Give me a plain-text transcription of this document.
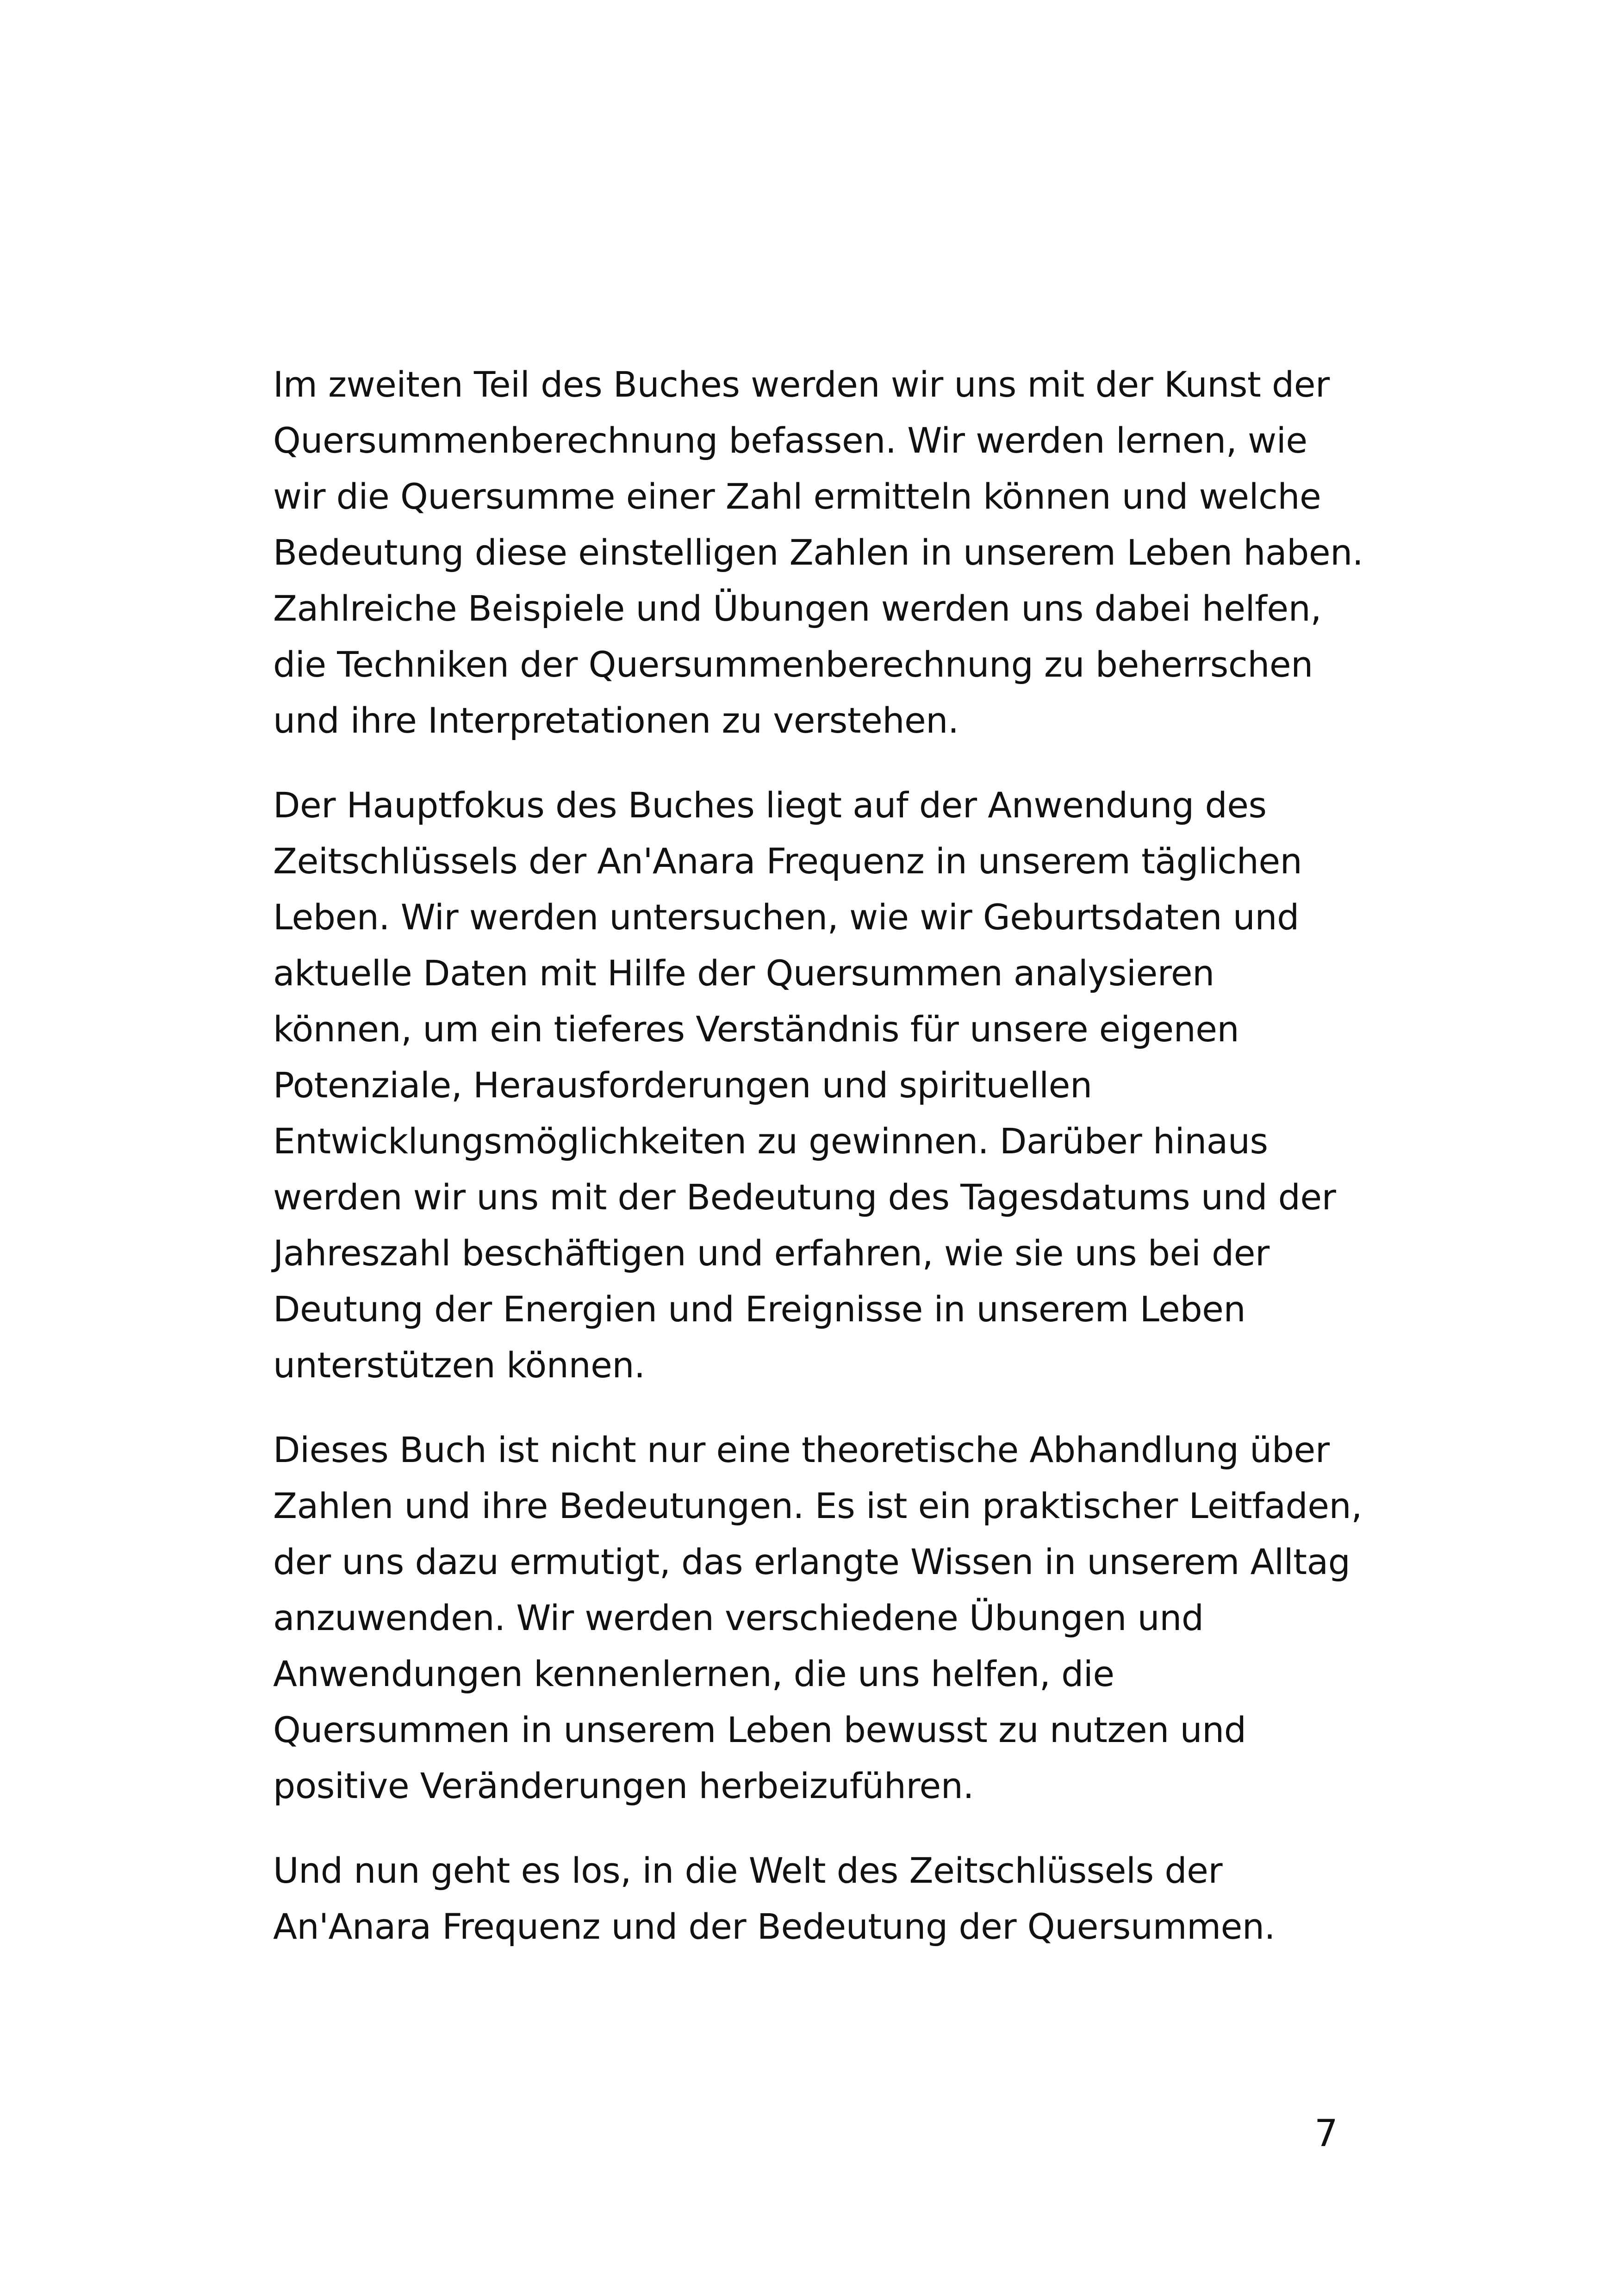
Im zweiten Teil des Buches werden wir uns mit der Kunst der
Quersummenberechnung befassen. Wir werden lernen, wie
wir die Quersumme einer Zahl ermitteln können und welche
Bedeutung diese einstelligen Zahlen in unserem Leben haben.
Zahlreiche Beispiele und Übungen werden uns dabei helfen,
die Techniken der Quersummenberechnung zu beherrschen
und ihre Interpretationen zu verstehen.

Der Hauptfokus des Buches liegt auf der Anwendung des
Zeitschlüssels der An'Anara Frequenz in unserem täglichen
Leben. Wir werden untersuchen, wie wir Geburtsdaten und
aktuelle Daten mit Hilfe der Quersummen analysieren
können, um ein tieferes Verständnis für unsere eigenen
Potenziale, Herausforderungen und spirituellen
Entwicklungsmöglichkeiten zu gewinnen. Darüber hinaus
werden wir uns mit der Bedeutung des Tagesdatums und der
Jahreszahl beschäftigen und erfahren, wie sie uns bei der
Deutung der Energien und Ereignisse in unserem Leben
unterstützen können.

Dieses Buch ist nicht nur eine theoretische Abhandlung über
Zahlen und ihre Bedeutungen. Es ist ein praktischer Leitfaden,
der uns dazu ermutigt, das erlangte Wissen in unserem Alltag
anzuwenden. Wir werden verschiedene Übungen und
Anwendungen kennenlernen, die uns helfen, die
Quersummen in unserem Leben bewusst zu nutzen und
positive Veränderungen herbeizuführen.

Und nun geht es los, in die Welt des Zeitschlüssels der
An'Anara Frequenz und der Bedeutung der Quersummen.

7
